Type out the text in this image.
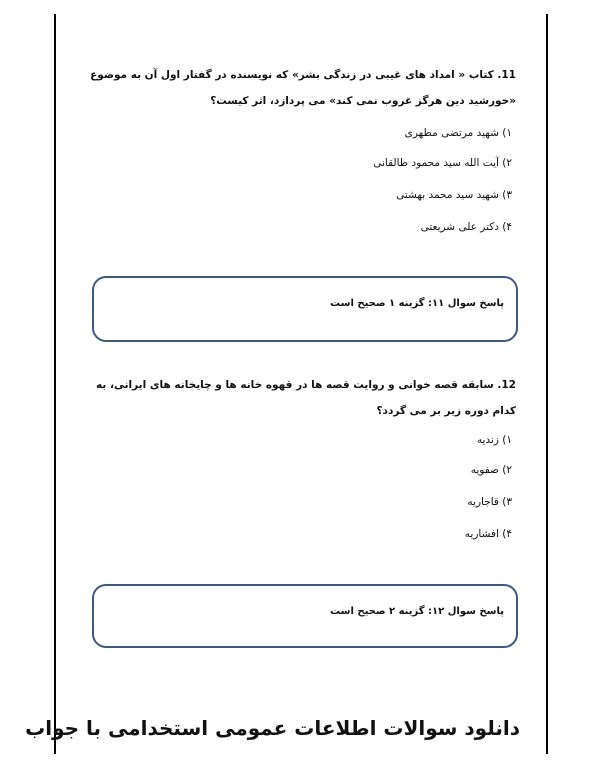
11. کتاب « امداد های غیبی در زندگی بشر» که نویسنده در گفتار اول آن به موضوع «خورشید دین هرگز غروب نمی کند» می پردازد، اثر کیست؟
۱) شهید مرتضی مطهری
۲) آیت الله سید محمود طالقانی
۳) شهید سید محمد بهشتی
۴) دکتر علی شریعتی
پاسخ سوال ۱۱: گزینه ۱ صحیح است
12. سابقه قصه خوانی و روایت قصه ها در قهوه خانه ها و چایخانه های ایرانی، به کدام دوره زیر بر می گردد؟
۱) زندیه
۲) صفویه
۳) قاجاریه
۴) افشاریه
پاسخ سوال ۱۲: گزینه ۲ صحیح است
دانلود سوالات اطلاعات عمومی استخدامی با جواب
